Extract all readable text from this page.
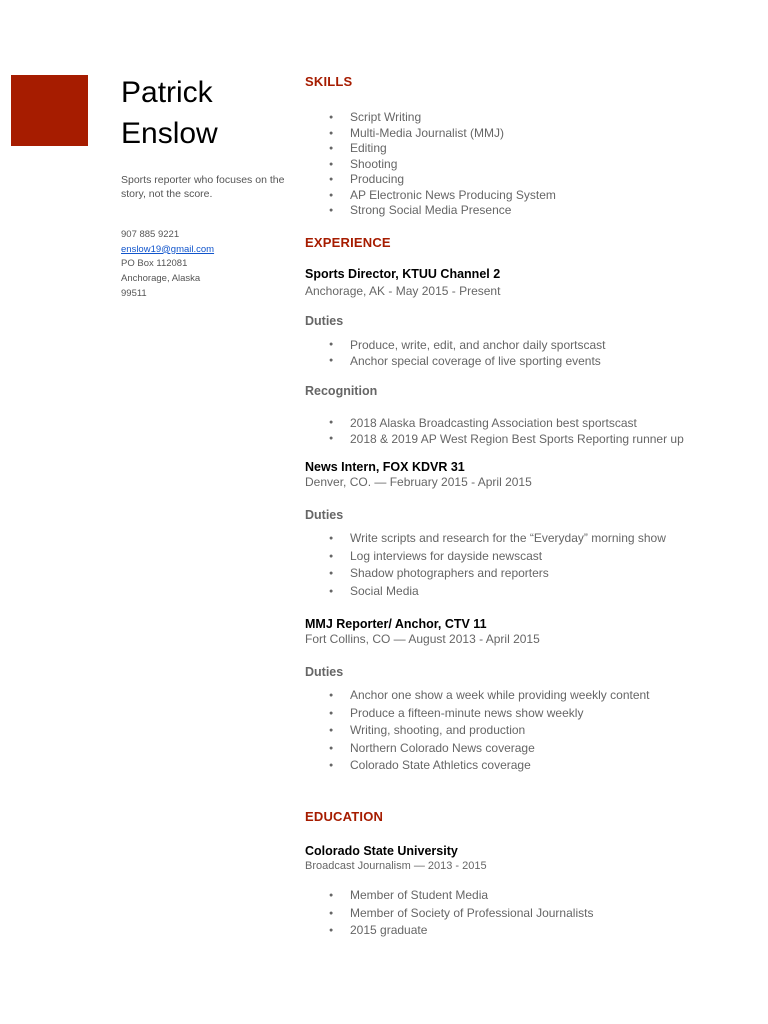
Patrick
Enslow
Sports reporter who focuses on the story, not the score.
907 885 9221
enslow19@gmail.com
PO Box 112081
Anchorage, Alaska
99511
SKILLS
● Script Writing
● Multi-Media Journalist (MMJ)
● Editing
● Shooting
● Producing
● AP Electronic News Producing System
● Strong Social Media Presence
EXPERIENCE
Sports Director, KTUU Channel 2
Anchorage, AK - May 2015 - Present
Duties
● Produce, write, edit, and anchor daily sportscast
● Anchor special coverage of live sporting events
Recognition
● 2018 Alaska Broadcasting Association best sportscast
● 2018 & 2019 AP West Region Best Sports Reporting runner up
News Intern, FOX KDVR 31
Denver, CO. — February 2015 - April 2015
Duties
● Write scripts and research for the “Everyday” morning show
● Log interviews for dayside newscast
● Shadow photographers and reporters
● Social Media
MMJ Reporter/ Anchor, CTV 11
Fort Collins, CO — August 2013 - April 2015
Duties
● Anchor one show a week while providing weekly content
● Produce a fifteen-minute news show weekly
● Writing, shooting, and production
● Northern Colorado News coverage
● Colorado State Athletics coverage
EDUCATION
Colorado State University
Broadcast Journalism — 2013 - 2015
● Member of Student Media
● Member of Society of Professional Journalists
● 2015 graduate
